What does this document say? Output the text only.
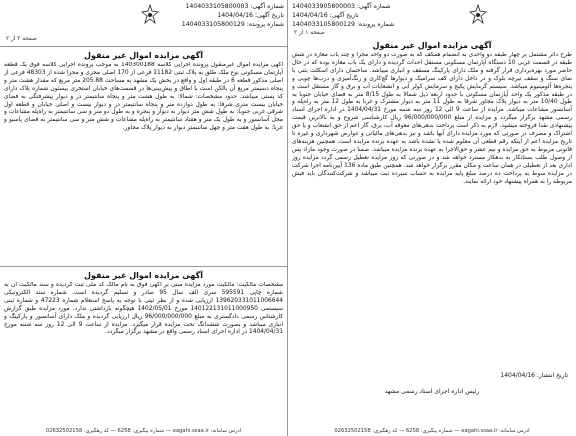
شماره آگهی: 1404033105800003
تاریخ آگهی: 1404/04/16
شماره پرونده: 1404033105800129
صفحه ۲ از ۲
آگهی مزایده اموال غیر منقول
آگهی مزایده اموال غیرمنقول پرونده اجرایی کلاسه 140300188 به موجب پرونده اجرایی کلاسه فوق یک قطعه آپارتمان مسکونی نوع ملک طلق به پلاک ثبتی 11182 فرعی از 170 اصلی مجزی و مجزا شده از 48303 فرعی از اصلی مذکور قطعه 6 در طبقه اول و واقع در بخش یک مشهد به مساحت 205.88 متر مربع که مقدار هشت متر و پنجاه دسیمتر مربع آن بالکن است با اطاق و پیش‌بینی‌ها در قسمت‌های خیابان استخری بیستون شماره پلاک دارای کد پستی میباشد. حدود مشخصات: شمالا: به طول هشت متر و پنجاه سانتیمتر در و دیوار پیشرفتگی به فضای خیابان بیست متری شرقا: به طول دوازده متر و پنجاه سانتیمتر در و دیوار بیست و اصلی خیابان و قطعه اول شرقی غربی جنوبا: به طول شش متر دیوار به دیوار و پنجره و به طول دو متر و سی سانتیمتر به راه‌پله مشاعات و محل آسانسور و به طول یک متر و هفتاد سانتیمتر به راه‌پله مشاعات و شش متر و سی سانتیمتر به فضای پاسیو و غربا: به طول هفت متر و چهل سانتیمتر دیوار به دیوار پلاک مجاور.
آگهی مزایده اموال غیر منقول
مشخصات مالکیت: مالکیت مورد مزایده مبنی بر آگهی فوق به نام مالک کد ملی ثبت گردیده و سند مالکیت آن به شماره چاپی 595591 سری الف سال 95 صادر و تسلیم گردیده است. شماره سند الکترونیکی 139620331011006644 ارزیابی شده و از نظر ثبتی با توجه به پاسخ استعلام شماره 47223 و شماره ثبتی سیستمی 140122131011000950 مورخ 1402/05/01 هیچگونه بازداشتی ندارد. مورد مزایده طبق گزارش کارشناس رسمی دادگستری به مبلغ 96/000/000/000 ریال ارزیابی گردیده و ملک دارای آسانسور و پارکینگ و انباری میباشد و بصورت ششدانگ تحت مزایده قرار میگیرد. مزایده از ساعت 9 الی 12 روز سه شنبه مورخ 1404/04/31 در اداره اجرای اسناد رسمی واقع در مشهد برگزار میگردد.
آدرس سامانه: eagahi.ssaa.ir — شماره پیگیری: 6258 — کد رهگیری: 02632502158
شماره آگهی: 1404033905800003
تاریخ آگهی: 1404/04/16
شماره پرونده: 1404033105800129
صفحه ۱ از ۲
آگهی مزایده اموال غیر منقول
طرح دائر مشتمل بر چهار طبقه دو واحدی به انضمام همکف که به صورت دو واحد مجزا و چند باب مغازه در شش طبقه در قسمت غربی 10 دستگاه آپارتمان مسکونی مستقل احداث گردیده و دارای یک باب مغازه بوده که در حال حاضر مورد بهره‌برداری قرار گرفته و ملک دارای پارکینگ مسقف و انباری میباشد. ساختمان دارای اسکلت بتنی با نمای سنگ و سقف تیرچه بلوک و در داخل دارای کف سرامیک و دیوارها گچ‌کاری و رنگ‌آمیزی و درب‌ها چوبی و پنجره‌ها آلومینیوم میباشد. سیستم گرمایش پکیج و سرمایش کولر آبی و انشعابات آب و برق و گاز مستقل است و در طبقه مذکور یک واحد آپارتمان مسکونی با حدود اربعه ذیل شمالا به طول 8/15 متر به فضای خیابان جنوبا به طول 10/40 متر به دیوار پلاک مجاور شرقا به طول 11 متر به دیوار مشترک و غربا به طول 12 متر به راه‌پله و آسانسور مشاعات میباشد. مزایده از ساعت 9 الی 12 روز سه شنبه مورخ 1404/04/31 در اداره اجرای اسناد رسمی مشهد برگزار میگردد و مزایده از مبلغ 96/000/000/000 ریال کارشناسی شروع و به بالاترین قیمت پیشنهادی نقدا فروخته میشود. لازم به ذکر است پرداخت بدهی‌های معوقه آب، برق، گاز اعم از حق انشعاب و یا حق اشتراک و مصرف در صورتی که مورد مزایده دارای آنها باشد و نیز بدهی‌های مالیاتی و عوارض شهرداری و غیره تا تاریخ مزایده اعم از اینکه رقم قطعی آن معلوم شده یا نشده باشد به عهده برنده مزایده است. همچنین هزینه‌های قانونی مربوط به حق مزایده و نیم عشر و حق‌الاجرا به عهده برنده مزایده میباشد. ضمنا در صورت وجود مازاد پس از وصول طلب بستانکار به بدهکار مسترد خواهد شد و در صورتی که روز مزایده تعطیل رسمی گردد مزایده روز اداری بعد از تعطیلی در همان ساعت و مکان مقرر برگزار خواهد شد. همچنین طبق ماده 136 آیین‌نامه اجرا شرکت در مزایده منوط به پرداخت ده درصد مبلغ پایه مزایده به حساب سپرده ثبت میباشد و شرکت‌کنندگان باید فیش مربوطه را به همراه پیشنهاد خود ارائه نمایند.
تاریخ انتشار: 1404/04/16
رئیس اداره اجرای اسناد رسمی مشهد
آدرس سامانه: eagahi.ssaa.ir — شماره پیگیری: 6258 — کد رهگیری: 02632502158
